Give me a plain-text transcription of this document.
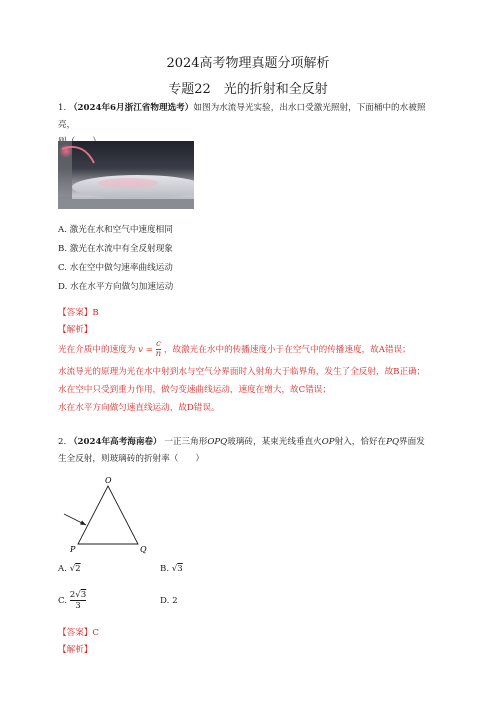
2024高考物理真题分项解析
专题22　光的折射和全反射
1. （2024年6月浙江省物理选考）如图为水流导光实验，出水口受激光照射，下面桶中的水被照亮，

A. 激光在水和空气中速度相同
B. 激光在水流中有全反射现象
C. 水在空中做匀速率曲线运动
D. 水在水平方向做匀加速运动
【答案】B
【解析】
光在介质中的速度为 $v = \frac{c}{n}$ ，故激光在水中的传播速度小于在空气中的传播速度，故A错误；
水流导光的原理为光在水中射到水与空气分界面时入射角大于临界角，发生了全反射，故B正确；
水在空中只受到重力作用，做匀变速曲线运动，速度在增大，故C错误；
水在水平方向做匀速直线运动，故D错误。
2. （2024年高考海南卷） 一正三角形OPQ玻璃砖，某束光线垂直火OP射入，恰好在PQ界面发
生全反射，则玻璃砖的折射率（　　）
O
P	Q
A. √2	B. √3
C. $\frac{2√3}{3}$	D. 2
【答案】C
【解析】
